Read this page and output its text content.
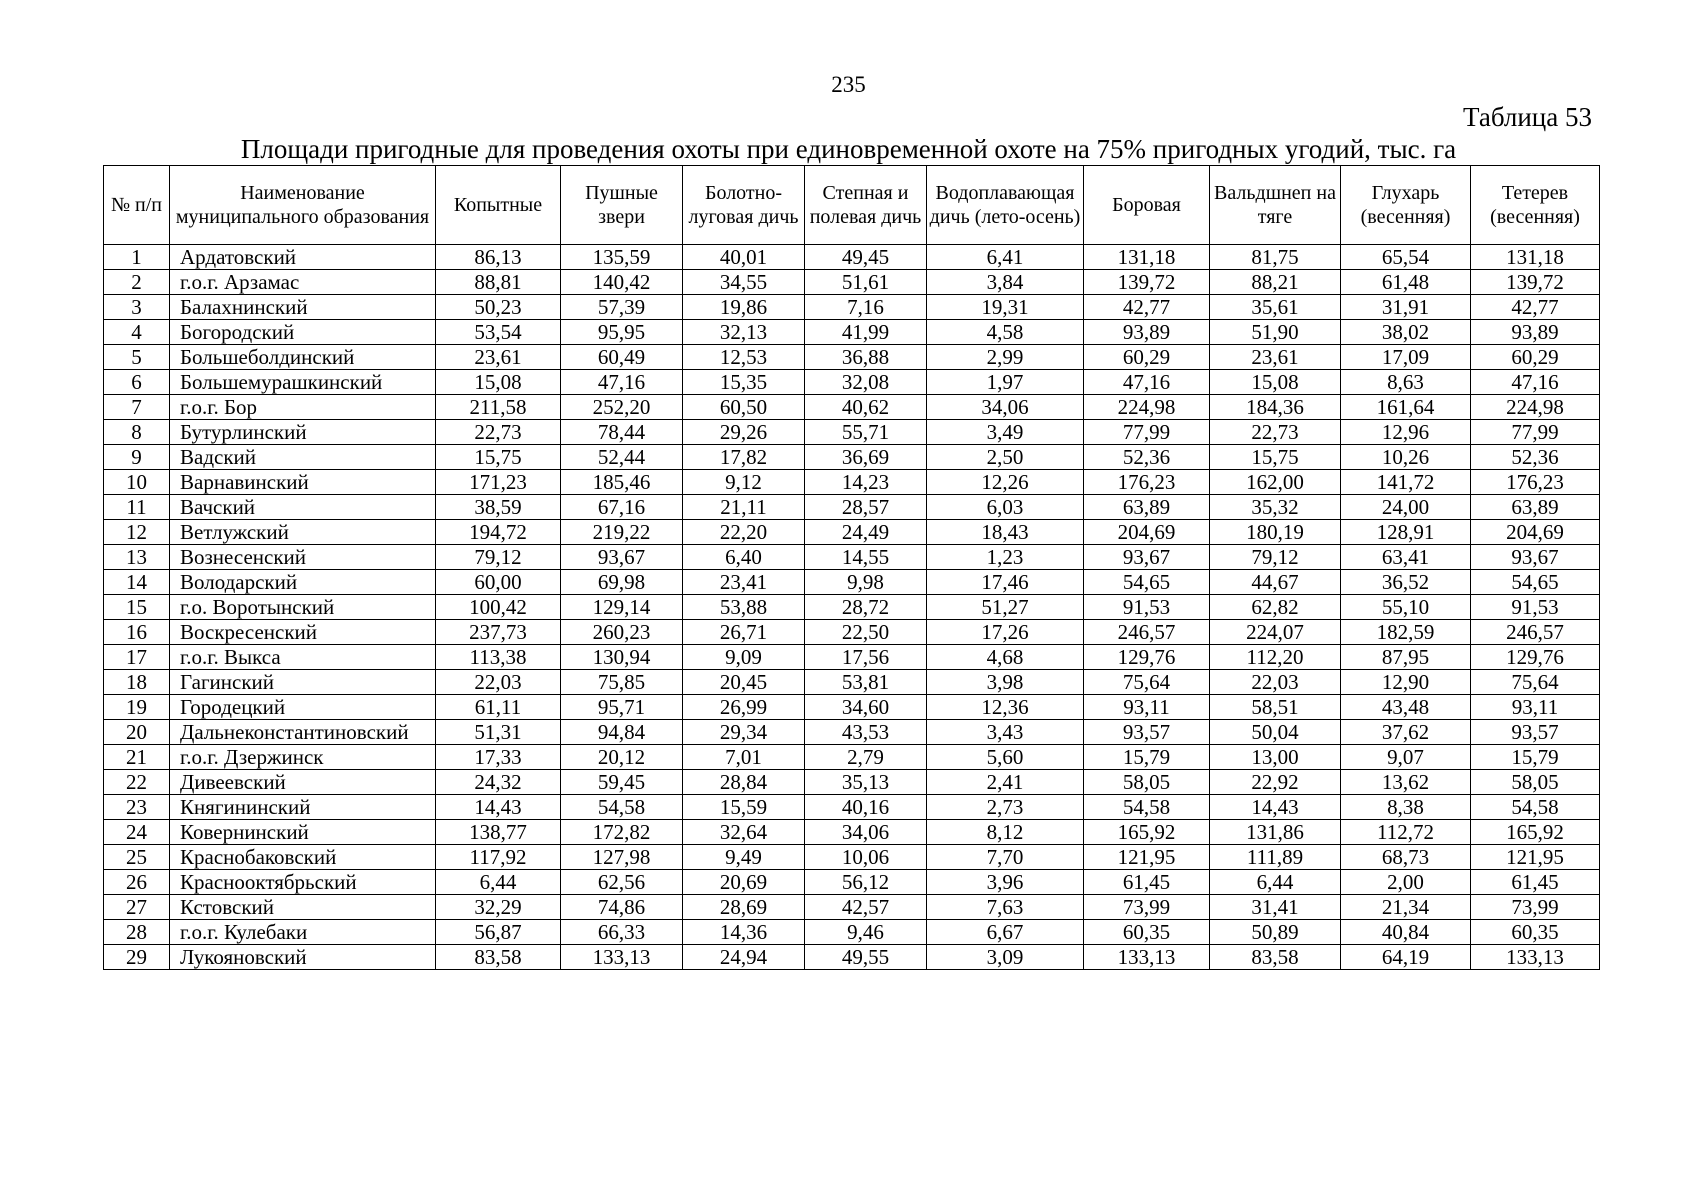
235
Таблица 53
Площади пригодные для проведения охоты при единовременной охоте на 75% пригодных угодий, тыс. га
№ п/п	Наименование муниципального образования	Копытные	Пушные звери	Болотно-луговая дичь	Степная и полевая дичь	Водоплавающая дичь (лето-осень)	Боровая	Вальдшнеп на тяге	Глухарь (весенняя)	Тетерев (весенняя)
1	Ардатовский	86,13	135,59	40,01	49,45	6,41	131,18	81,75	65,54	131,18
2	г.о.г. Арзамас	88,81	140,42	34,55	51,61	3,84	139,72	88,21	61,48	139,72
3	Балахнинский	50,23	57,39	19,86	7,16	19,31	42,77	35,61	31,91	42,77
4	Богородский	53,54	95,95	32,13	41,99	4,58	93,89	51,90	38,02	93,89
5	Большеболдинский	23,61	60,49	12,53	36,88	2,99	60,29	23,61	17,09	60,29
6	Большемурашкинский	15,08	47,16	15,35	32,08	1,97	47,16	15,08	8,63	47,16
7	г.о.г. Бор	211,58	252,20	60,50	40,62	34,06	224,98	184,36	161,64	224,98
8	Бутурлинский	22,73	78,44	29,26	55,71	3,49	77,99	22,73	12,96	77,99
9	Вадский	15,75	52,44	17,82	36,69	2,50	52,36	15,75	10,26	52,36
10	Варнавинский	171,23	185,46	9,12	14,23	12,26	176,23	162,00	141,72	176,23
11	Вачский	38,59	67,16	21,11	28,57	6,03	63,89	35,32	24,00	63,89
12	Ветлужский	194,72	219,22	22,20	24,49	18,43	204,69	180,19	128,91	204,69
13	Вознесенский	79,12	93,67	6,40	14,55	1,23	93,67	79,12	63,41	93,67
14	Володарский	60,00	69,98	23,41	9,98	17,46	54,65	44,67	36,52	54,65
15	г.о. Воротынский	100,42	129,14	53,88	28,72	51,27	91,53	62,82	55,10	91,53
16	Воскресенский	237,73	260,23	26,71	22,50	17,26	246,57	224,07	182,59	246,57
17	г.о.г. Выкса	113,38	130,94	9,09	17,56	4,68	129,76	112,20	87,95	129,76
18	Гагинский	22,03	75,85	20,45	53,81	3,98	75,64	22,03	12,90	75,64
19	Городецкий	61,11	95,71	26,99	34,60	12,36	93,11	58,51	43,48	93,11
20	Дальнеконстантиновский	51,31	94,84	29,34	43,53	3,43	93,57	50,04	37,62	93,57
21	г.о.г. Дзержинск	17,33	20,12	7,01	2,79	5,60	15,79	13,00	9,07	15,79
22	Дивеевский	24,32	59,45	28,84	35,13	2,41	58,05	22,92	13,62	58,05
23	Княгининский	14,43	54,58	15,59	40,16	2,73	54,58	14,43	8,38	54,58
24	Ковернинский	138,77	172,82	32,64	34,06	8,12	165,92	131,86	112,72	165,92
25	Краснобаковский	117,92	127,98	9,49	10,06	7,70	121,95	111,89	68,73	121,95
26	Краснооктябрьский	6,44	62,56	20,69	56,12	3,96	61,45	6,44	2,00	61,45
27	Кстовский	32,29	74,86	28,69	42,57	7,63	73,99	31,41	21,34	73,99
28	г.о.г. Кулебаки	56,87	66,33	14,36	9,46	6,67	60,35	50,89	40,84	60,35
29	Лукояновский	83,58	133,13	24,94	49,55	3,09	133,13	83,58	64,19	133,13
